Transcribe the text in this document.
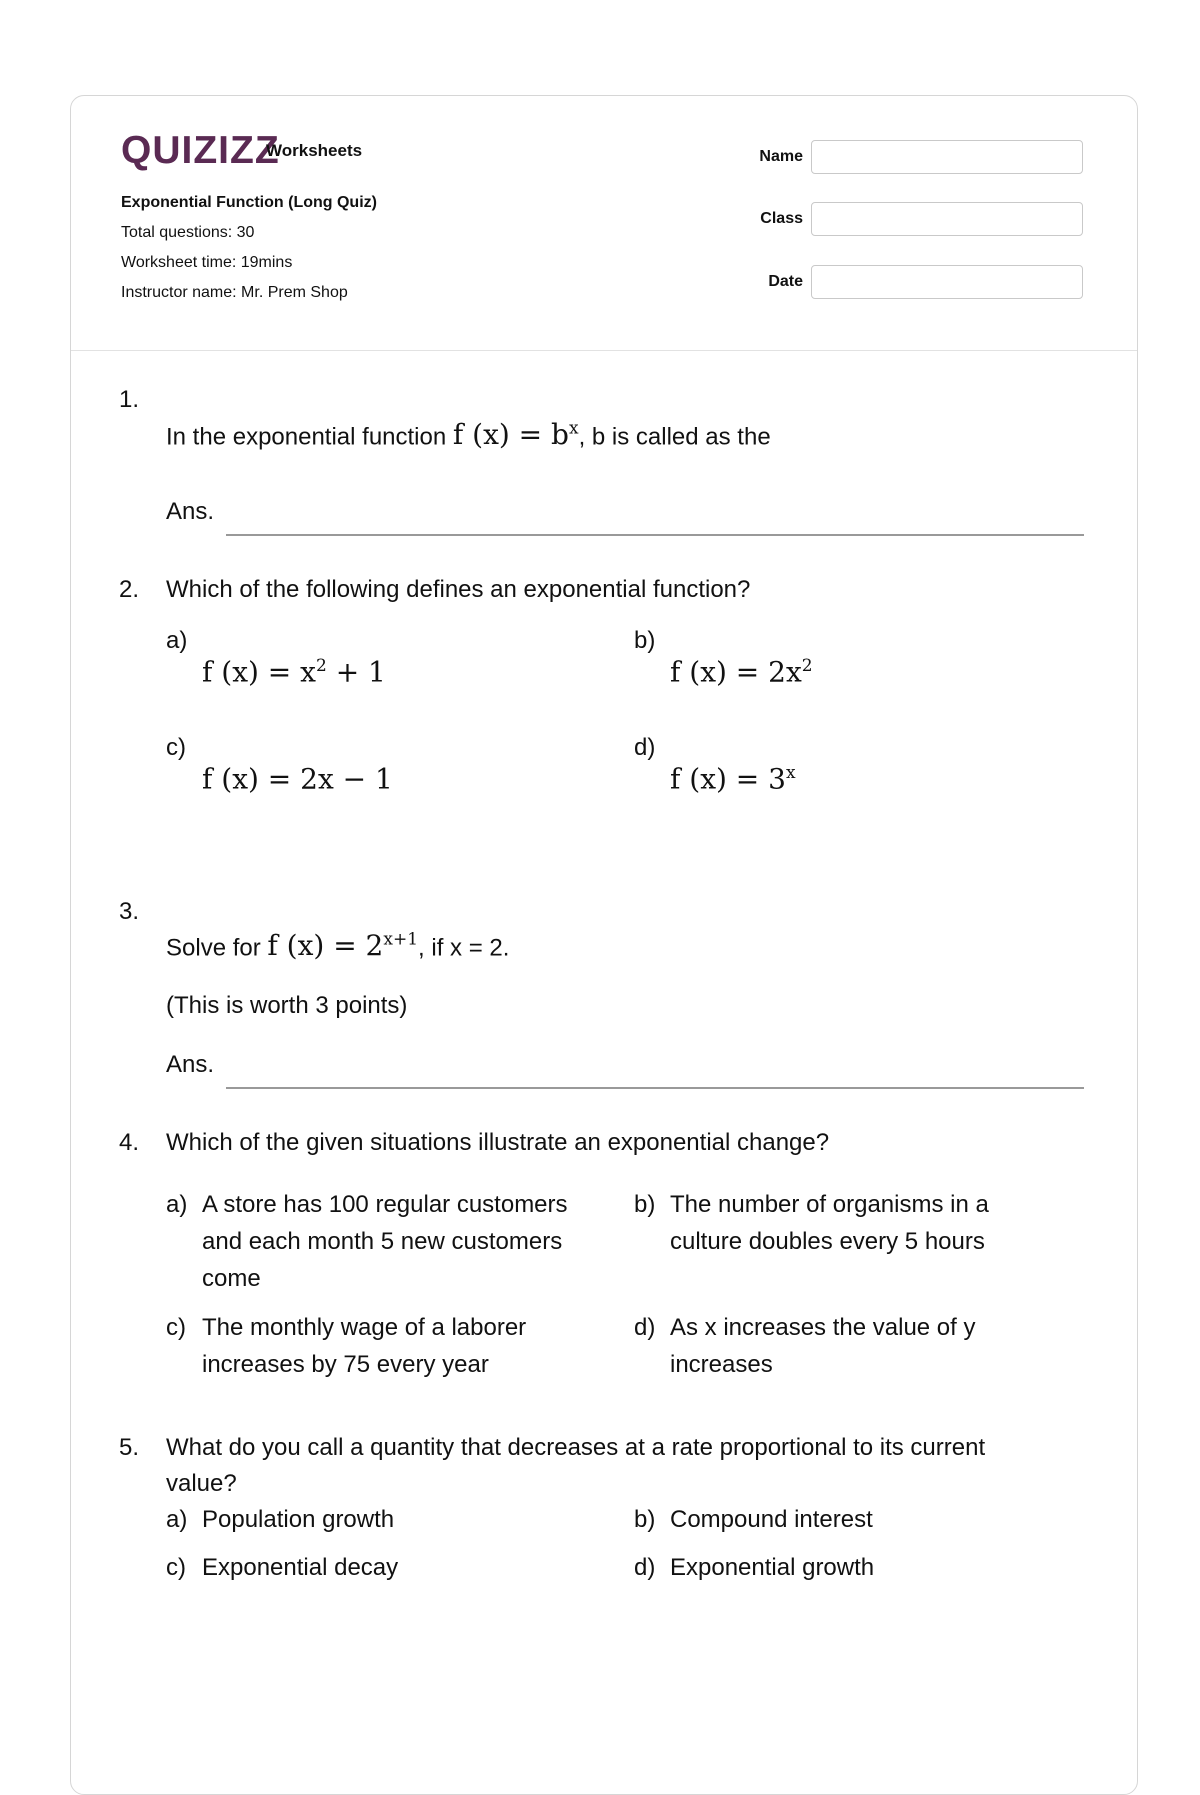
QUIZIZZ
Worksheets
Exponential Function (Long Quiz)
Total questions: 30
Worksheet time: 19mins
Instructor name: Mr. Prem Shop
Name
Class
Date
1.
In the exponential function f $(x) = b^x$, b is called as the
Ans.
2. Which of the following defines an exponential function?
a)
f $(x) = x^2 + 1$
b)
f $(x) = 2x^2$
c)
f (x) = 2x − 1
d)
f $(x) = 3^x$
3.
Solve for f $(x) = 2^{x+1}$, if x = 2.
(This is worth 3 points)
Ans.
4. Which of the given situations illustrate an exponential change?
a) A store has 100 regular customers
and each month 5 new customers
come
b) The number of organisms in a
culture doubles every 5 hours
c) The monthly wage of a laborer
increases by 75 every year
d) As x increases the value of y
increases
5. What do you call a quantity that decreases at a rate proportional to its current
value?
a) Population growth	b) Compound interest
c) Exponential decay	d) Exponential growth
